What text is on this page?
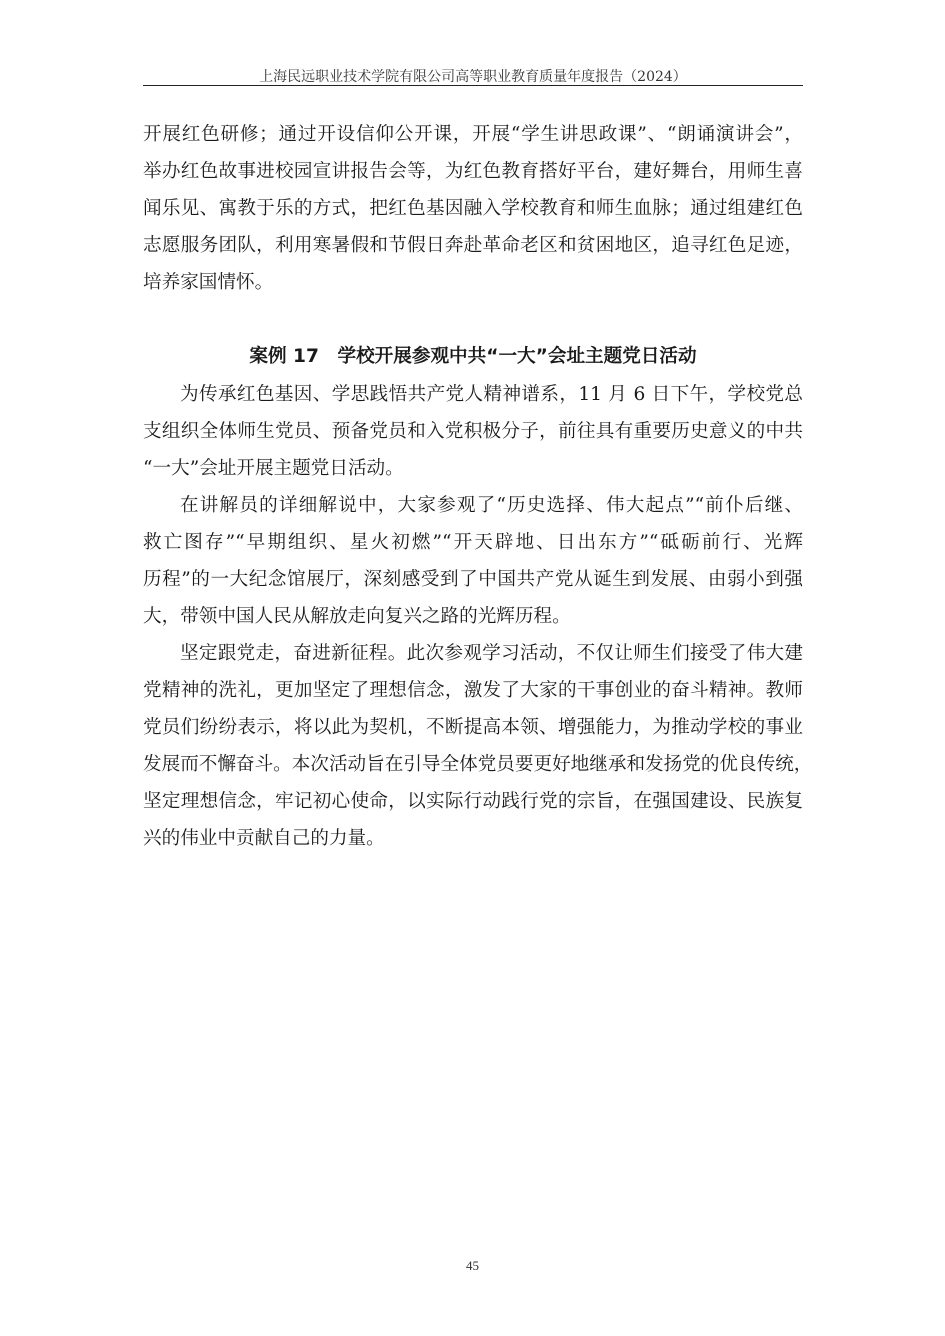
上海民远职业技术学院有限公司高等职业教育质量年度报告（2024）
开展红色研修；通过开设信仰公开课，开展“学生讲思政课”、“朗诵演讲会”，
举办红色故事进校园宣讲报告会等，为红色教育搭好平台，建好舞台，用师生喜
闻乐见、寓教于乐的方式，把红色基因融入学校教育和师生血脉；通过组建红色
志愿服务团队，利用寒暑假和节假日奔赴革命老区和贫困地区，追寻红色足迹，
培养家国情怀。
案例 17　学校开展参观中共“一大”会址主题党日活动
为传承红色基因、学思践悟共产党人精神谱系，11 月 6 日下午，学校党总
支组织全体师生党员、预备党员和入党积极分子，前往具有重要历史意义的中共
“一大”会址开展主题党日活动。
在讲解员的详细解说中，大家参观了“历史选择、伟大起点”“前仆后继、
救亡图存”“早期组织、星火初燃”“开天辟地、日出东方”“砥砺前行、光辉
历程”的一大纪念馆展厅，深刻感受到了中国共产党从诞生到发展、由弱小到强
大，带领中国人民从解放走向复兴之路的光辉历程。
坚定跟党走，奋进新征程。此次参观学习活动，不仅让师生们接受了伟大建
党精神的洗礼，更加坚定了理想信念，激发了大家的干事创业的奋斗精神。教师
党员们纷纷表示，将以此为契机，不断提高本领、增强能力，为推动学校的事业
发展而不懈奋斗。本次活动旨在引导全体党员要更好地继承和发扬党的优良传统，
坚定理想信念，牢记初心使命，以实际行动践行党的宗旨，在强国建设、民族复
兴的伟业中贡献自己的力量。
45
